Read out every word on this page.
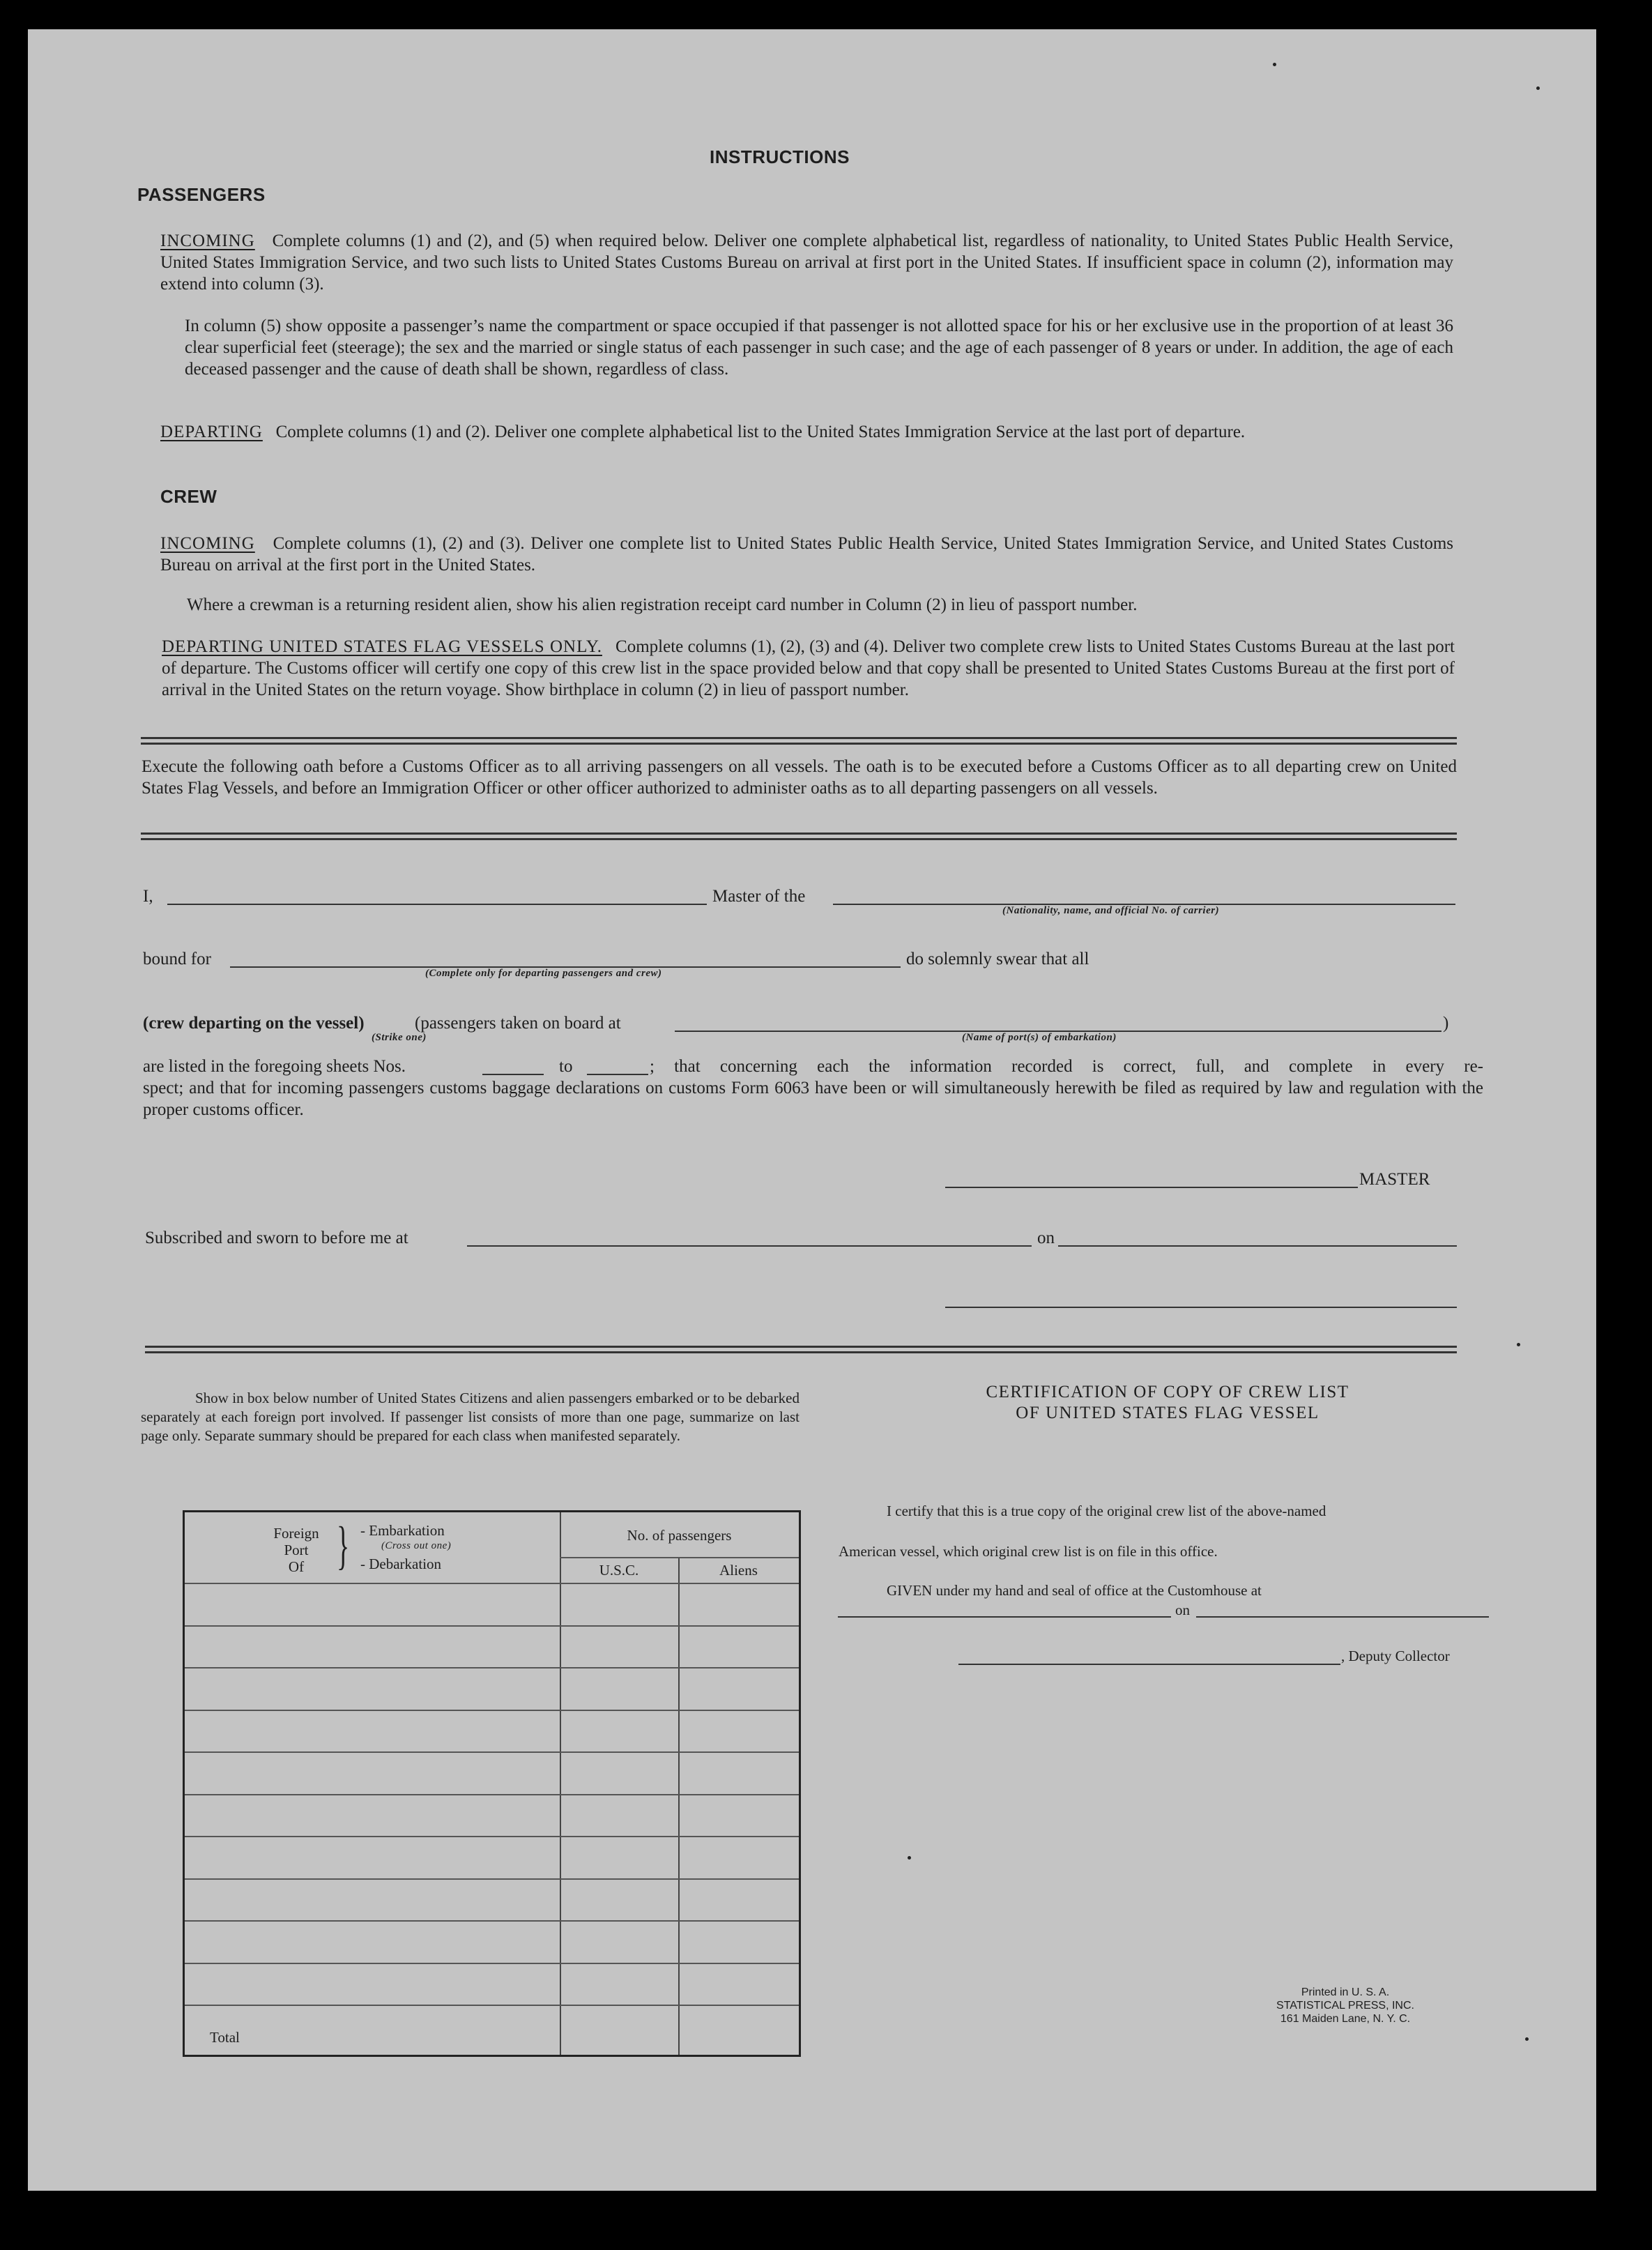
INSTRUCTIONS
PASSENGERS
INCOMING Complete columns (1) and (2), and (5) when required below. Deliver one complete alphabetical list, regardless of nationality, to United States Public Health Service, United States Immigration Service, and two such lists to United States Customs Bureau on arrival at first port in the United States. If insufficient space in column (2), information may extend into column (3).
In column (5) show opposite a passenger’s name the compartment or space occupied if that passenger is not allotted space for his or her exclusive use in the proportion of at least 36 clear superficial feet (steerage); the sex and the married or single status of each passenger in such case; and the age of each passenger of 8 years or under. In addition, the age of each deceased passenger and the cause of death shall be shown, regardless of class.
DEPARTING Complete columns (1) and (2). Deliver one complete alphabetical list to the United States Immigration Service at the last port of departure.
CREW
INCOMING Complete columns (1), (2) and (3). Deliver one complete list to United States Public Health Service, United States Immigration Service, and United States Customs Bureau on arrival at the first port in the United States.
Where a crewman is a returning resident alien, show his alien registration receipt card number in Column (2) in lieu of passport number.
DEPARTING UNITED STATES FLAG VESSELS ONLY. Complete columns (1), (2), (3) and (4). Deliver two complete crew lists to United States Customs Bureau at the last port of departure. The Customs officer will certify one copy of this crew list in the space provided below and that copy shall be presented to United States Customs Bureau at the first port of arrival in the United States on the return voyage. Show birthplace in column (2) in lieu of passport number.
Execute the following oath before a Customs Officer as to all arriving passengers on all vessels. The oath is to be executed before a Customs Officer as to all departing crew on United States Flag Vessels, and before an Immigration Officer or other officer authorized to administer oaths as to all departing passengers on all vessels.
I,	Master of the
(Nationality, name, and official No. of carrier)
bound for
(Complete only for departing passengers and crew)
do solemnly swear that all
(crew departing on the vessel)	(passengers taken on board at	)
(Strike one)	(Name of port(s) of embarkation)
are listed in the foregoing sheets Nos.	to	; that concerning each the information recorded is correct, full, and complete in every re-
spect; and that for incoming passengers customs baggage declarations on customs Form 6063 have been or will simultaneously herewith be filed as required by law and regulation with the proper customs officer.
MASTER
Subscribed and sworn to before me at	on
Show in box below number of United States Citizens and alien passengers embarked or to be debarked separately at each foreign port involved. If passenger list consists of more than one page, summarize on last page only. Separate summary should be prepared for each class when manifested separately.
Foreign
Port
Of } - Embarkation
(Cross out one)
- Debarkation
No. of passengers
U.S.C.	Aliens
Total
CERTIFICATION OF COPY OF CREW LIST
OF UNITED STATES FLAG VESSEL
I certify that this is a true copy of the original crew list of the above-named
American vessel, which original crew list is on file in this office.
GIVEN under my hand and seal of office at the Customhouse at
on
, Deputy Collector
Printed in U. S. A.
STATISTICAL PRESS, INC.
161 Maiden Lane, N. Y. C.
